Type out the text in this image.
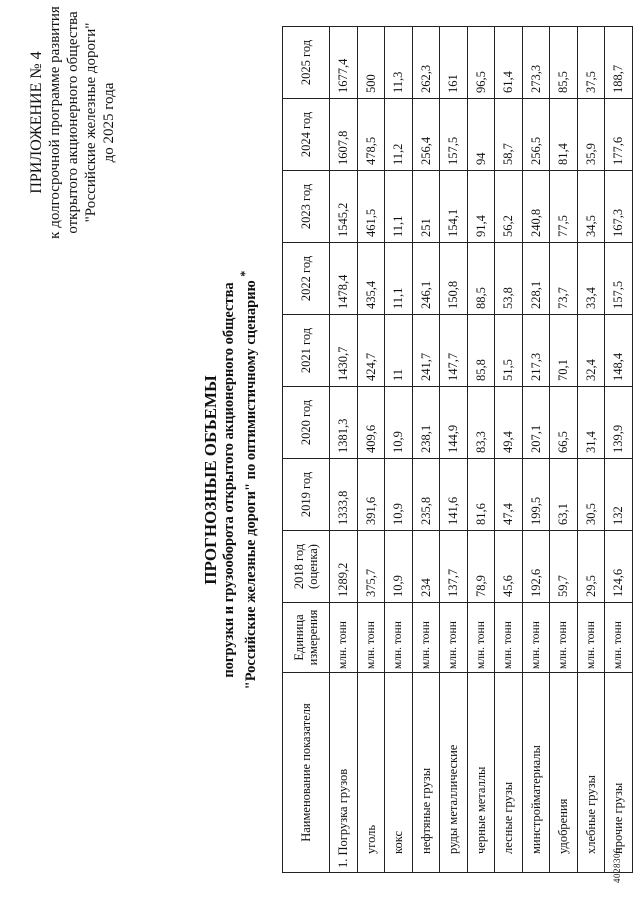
ПРИЛОЖЕНИЕ № 4 к долгосрочной программе развития открытого акционерного общества "Российские железные дороги" до 2025 года
ПРОГНОЗНЫЕ ОБЪЕМЫ погрузки и грузооборота открытого акционерного общества "Российские железные дороги" по оптимистичному сценарию *
Наименование показателя	Единица измерения	2018 год (оценка)	2019 год	2020 год	2021 год	2022 год	2023 год	2024 год	2025 год
1. Погрузка грузов	млн. тонн	1289,2	1333,8	1381,3	1430,7	1478,4	1545,2	1607,8	1677,4
уголь	млн. тонн	375,7	391,6	409,6	424,7	435,4	461,5	478,5	500
кокс	млн. тонн	10,9	10,9	10,9	11	11,1	11,1	11,2	11,3
нефтяные грузы	млн. тонн	234	235,8	238,1	241,7	246,1	251	256,4	262,3
руды металлические	млн. тонн	137,7	141,6	144,9	147,7	150,8	154,1	157,5	161
черные металлы	млн. тонн	78,9	81,6	83,3	85,8	88,5	91,4	94	96,5
лесные грузы	млн. тонн	45,6	47,4	49,4	51,5	53,8	56,2	58,7	61,4
минстройматериалы	млн. тонн	192,6	199,5	207,1	217,3	228,1	240,8	256,5	273,3
удобрения	млн. тонн	59,7	63,1	66,5	70,1	73,7	77,5	81,4	85,5
хлебные грузы	млн. тонн	29,5	30,5	31,4	32,4	33,4	34,5	35,9	37,5
прочие грузы	млн. тонн	124,6	132	139,9	148,4	157,5	167,3	177,6	188,7
4028306
